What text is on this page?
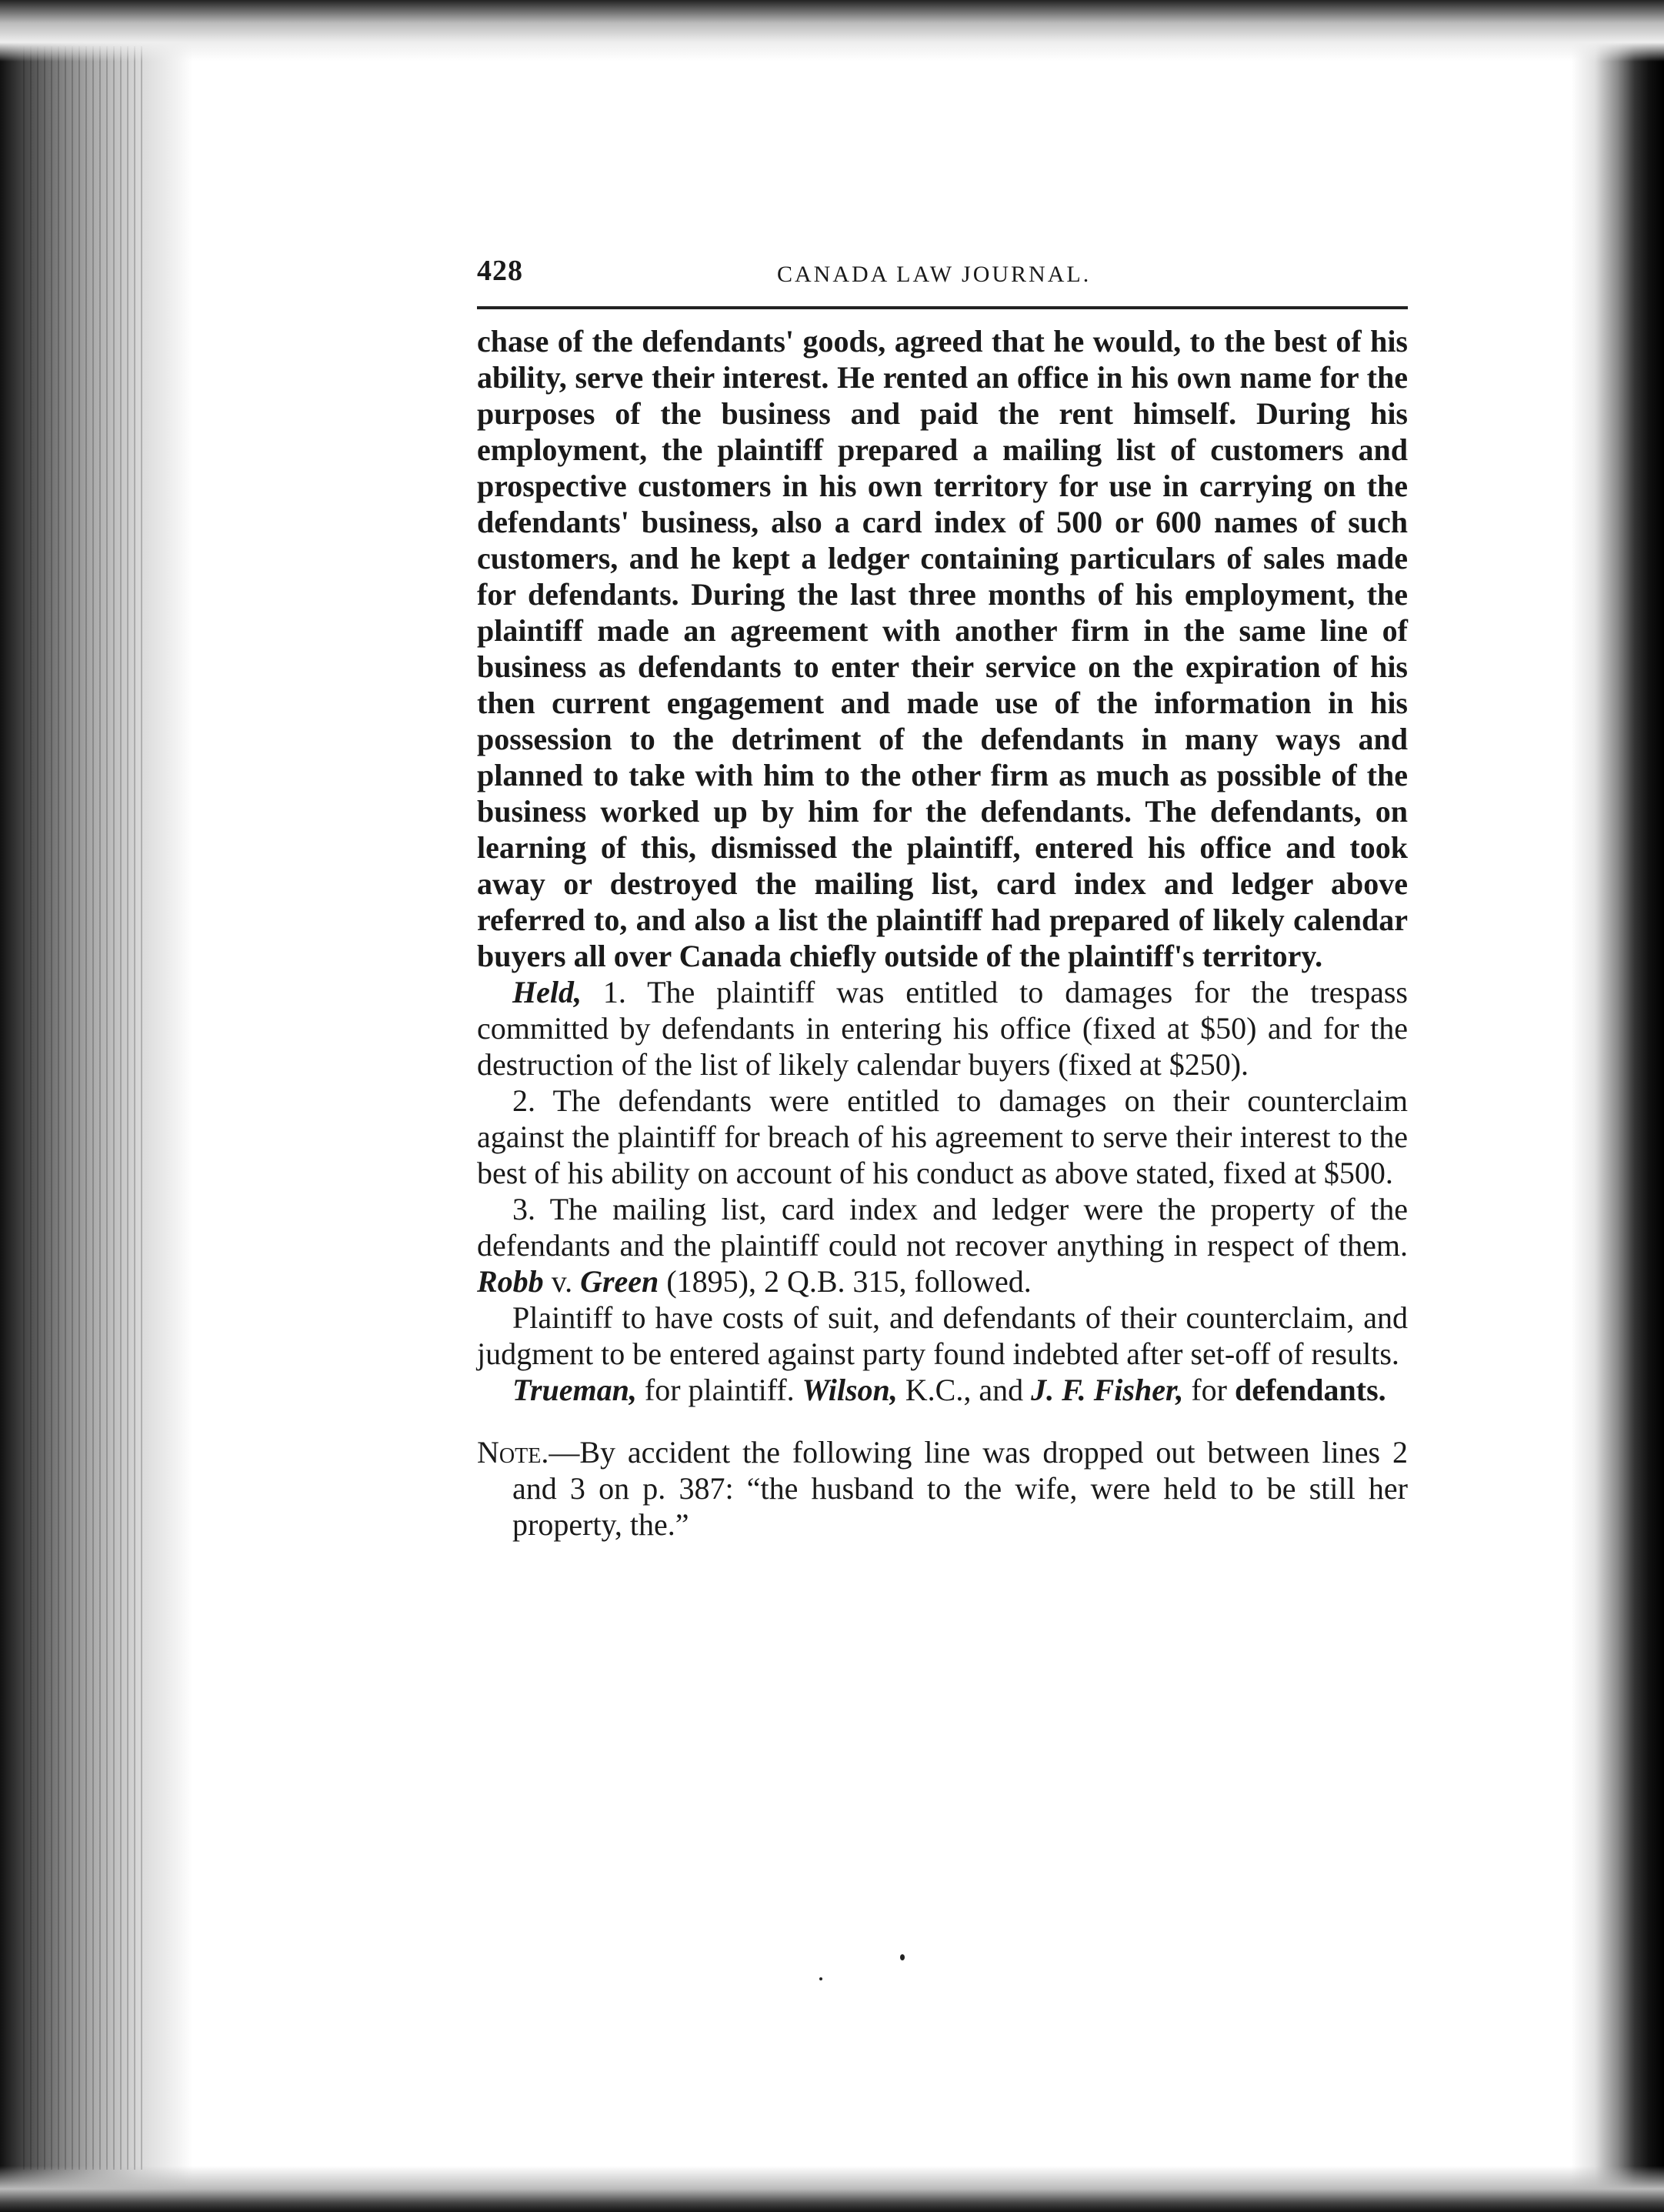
428	CANADA LAW JOURNAL.

chase of the defendants' goods, agreed that he would, to the best of his ability, serve their interest. He rented an office in his own name for the purposes of the business and paid the rent himself. During his employment, the plaintiff prepared a mailing list of customers and prospective customers in his own territory for use in carrying on the defendants' business, also a card index of 500 or 600 names of such customers, and he kept a ledger containing particulars of sales made for defendants. During the last three months of his employment, the plaintiff made an agreement with another firm in the same line of business as defendants to enter their service on the expiration of his then current engagement and made use of the information in his possession to the detriment of the defendants in many ways and planned to take with him to the other firm as much as possible of the business worked up by him for the defendants. The defendants, on learning of this, dismissed the plaintiff, entered his office and took away or destroyed the mailing list, card index and ledger above referred to, and also a list the plaintiff had prepared of likely calendar buyers all over Canada chiefly outside of the plaintiff's territory.

Held, 1. The plaintiff was entitled to damages for the trespass committed by defendants in entering his office (fixed at $50) and for the destruction of the list of likely calendar buyers (fixed at $250).

2. The defendants were entitled to damages on their counterclaim against the plaintiff for breach of his agreement to serve their interest to the best of his ability on account of his conduct as above stated, fixed at $500.

3. The mailing list, card index and ledger were the property of the defendants and the plaintiff could not recover anything in respect of them. Robb v. Green (1895), 2 Q.B. 315, followed.

Plaintiff to have costs of suit, and defendants of their counterclaim, and judgment to be entered against party found indebted after set-off of results.

Trueman, for plaintiff. Wilson, K.C., and J. F. Fisher, for defendants.

Note.—By accident the following line was dropped out between lines 2 and 3 on p. 387: “the husband to the wife, were held to be still her property, the.”
